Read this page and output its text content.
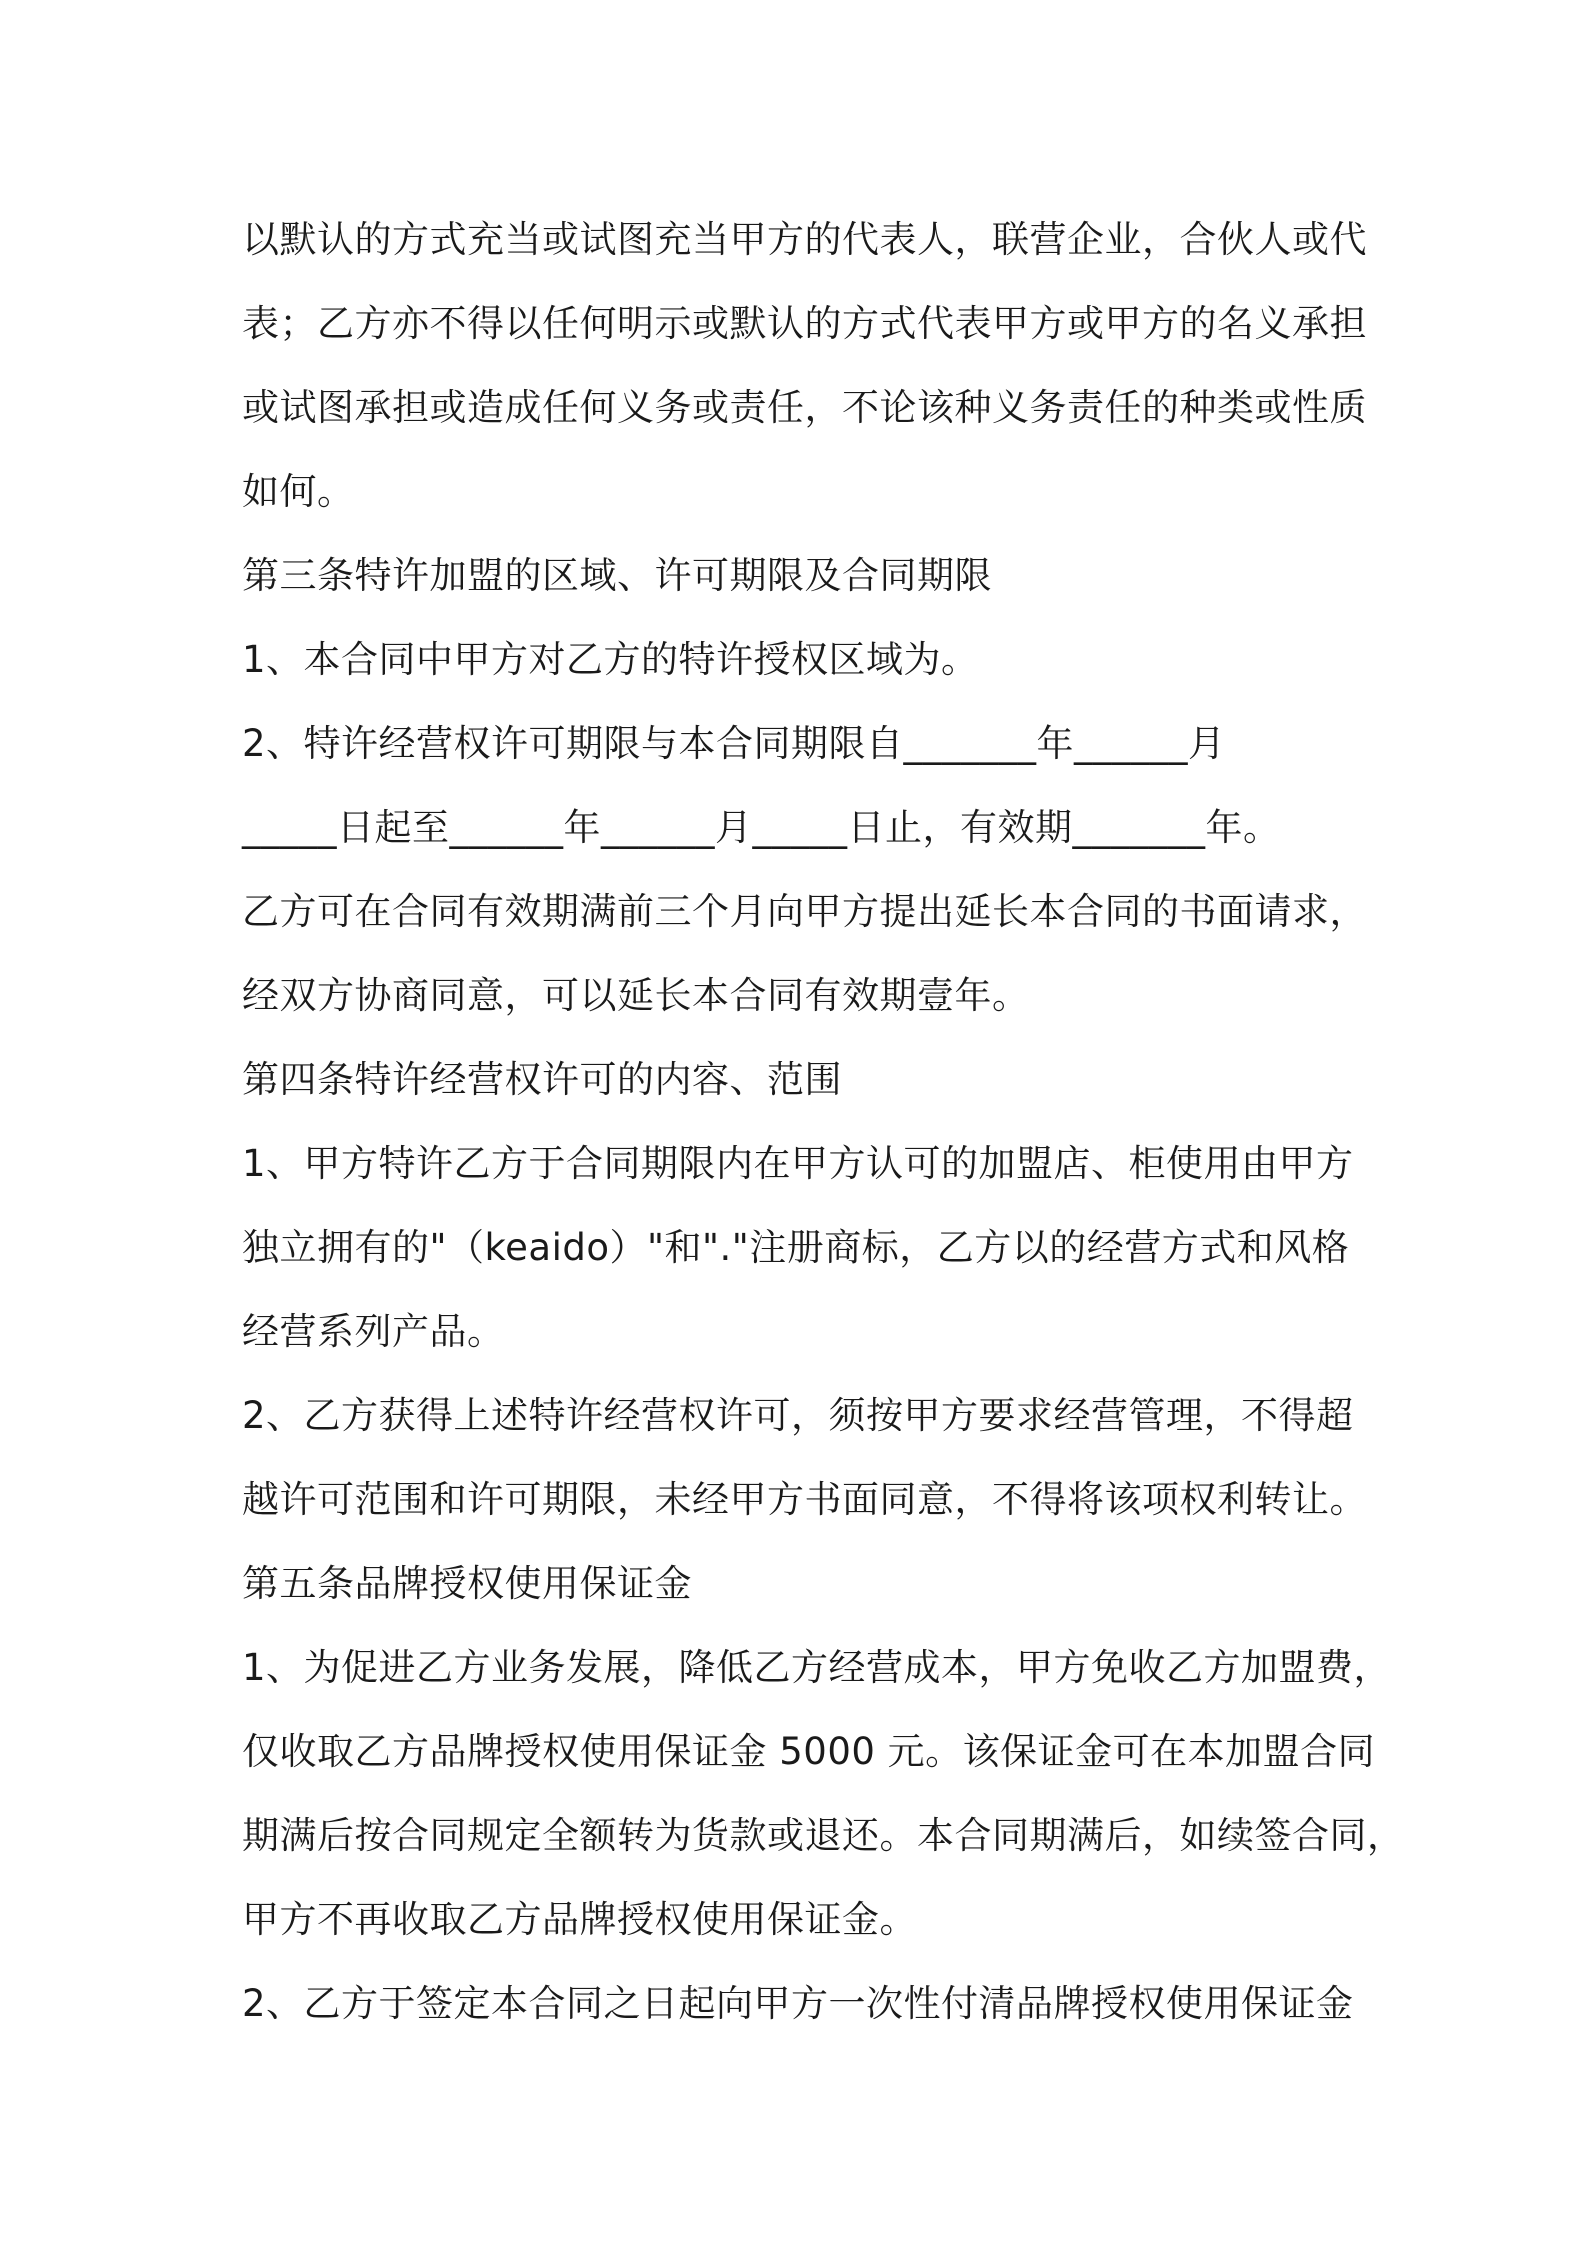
以默认的方式充当或试图充当甲方的代表人，联营企业，合伙人或代
表；乙方亦不得以任何明示或默认的方式代表甲方或甲方的名义承担
或试图承担或造成任何义务或责任，不论该种义务责任的种类或性质
如何。
第三条特许加盟的区域、许可期限及合同期限
1、本合同中甲方对乙方的特许授权区域为。
2、特许经营权许可期限与本合同期限自_______年______月
_____日起至______年______月_____日止，有效期_______年。
乙方可在合同有效期满前三个月向甲方提出延长本合同的书面请求，
经双方协商同意，可以延长本合同有效期壹年。
第四条特许经营权许可的内容、范围
1、甲方特许乙方于合同期限内在甲方认可的加盟店、柜使用由甲方
独立拥有的"（keaido）"和"."注册商标，乙方以的经营方式和风格
经营系列产品。
2、乙方获得上述特许经营权许可，须按甲方要求经营管理，不得超
越许可范围和许可期限，未经甲方书面同意，不得将该项权利转让。
第五条品牌授权使用保证金
1、为促进乙方业务发展，降低乙方经营成本，甲方免收乙方加盟费，
仅收取乙方品牌授权使用保证金 5000 元。该保证金可在本加盟合同
期满后按合同规定全额转为货款或退还。本合同期满后，如续签合同，
甲方不再收取乙方品牌授权使用保证金。
2、乙方于签定本合同之日起向甲方一次性付清品牌授权使用保证金
